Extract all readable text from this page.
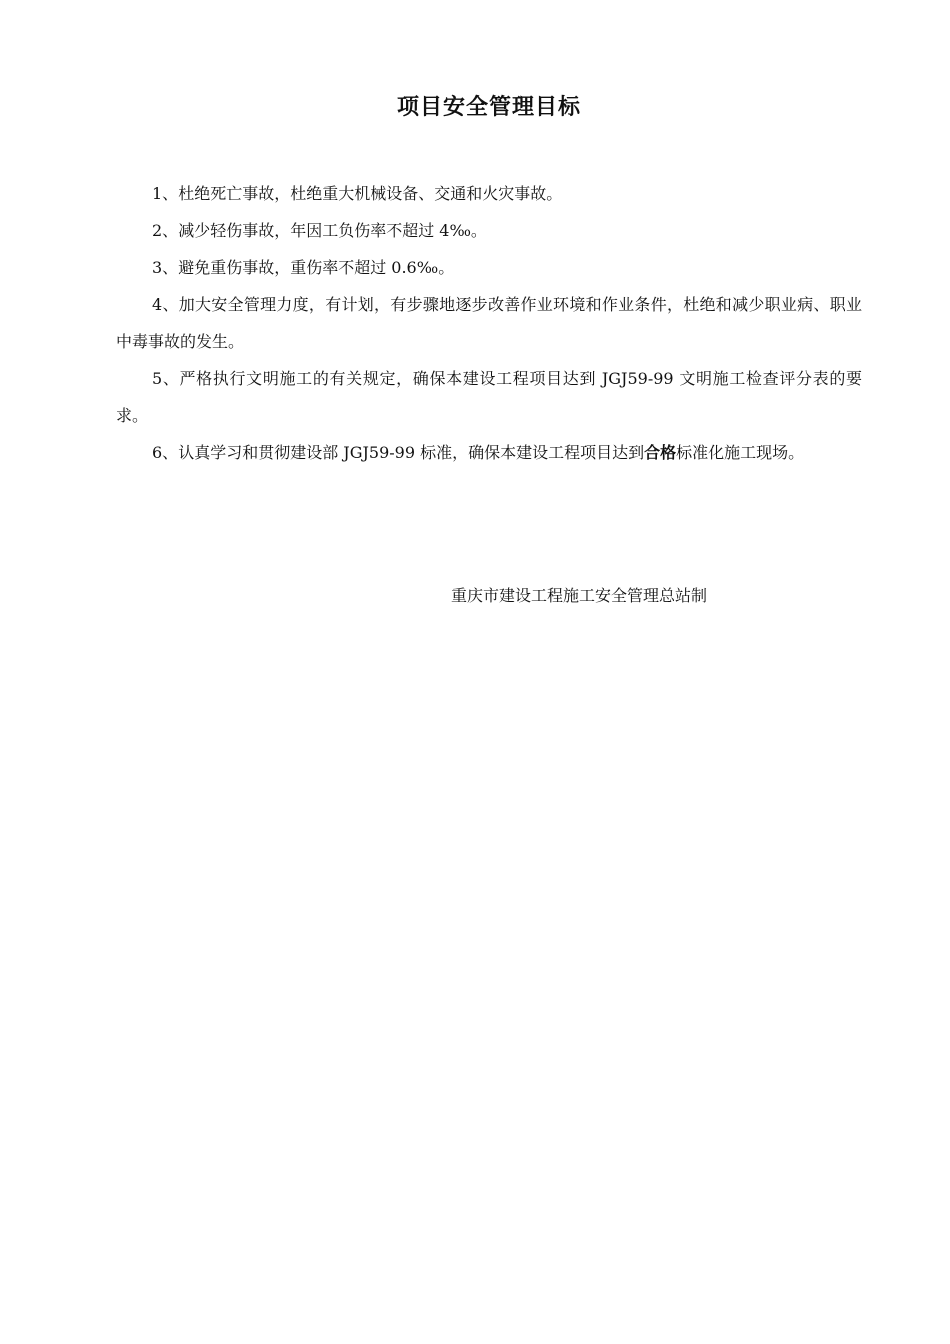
项目安全管理目标

1、杜绝死亡事故，杜绝重大机械设备、交通和火灾事故。

2、减少轻伤事故，年因工负伤率不超过 4‰。

3、避免重伤事故，重伤率不超过 0.6‰。

4、加大安全管理力度，有计划，有步骤地逐步改善作业环境和作业条件，杜绝和减少职业病、职业中毒事故的发生。

5、严格执行文明施工的有关规定，确保本建设工程项目达到 JGJ59-99 文明施工检查评分表的要求。

6、认真学习和贯彻建设部 JGJ59-99 标准，确保本建设工程项目达到合格标准化施工现场。

重庆市建设工程施工安全管理总站制
